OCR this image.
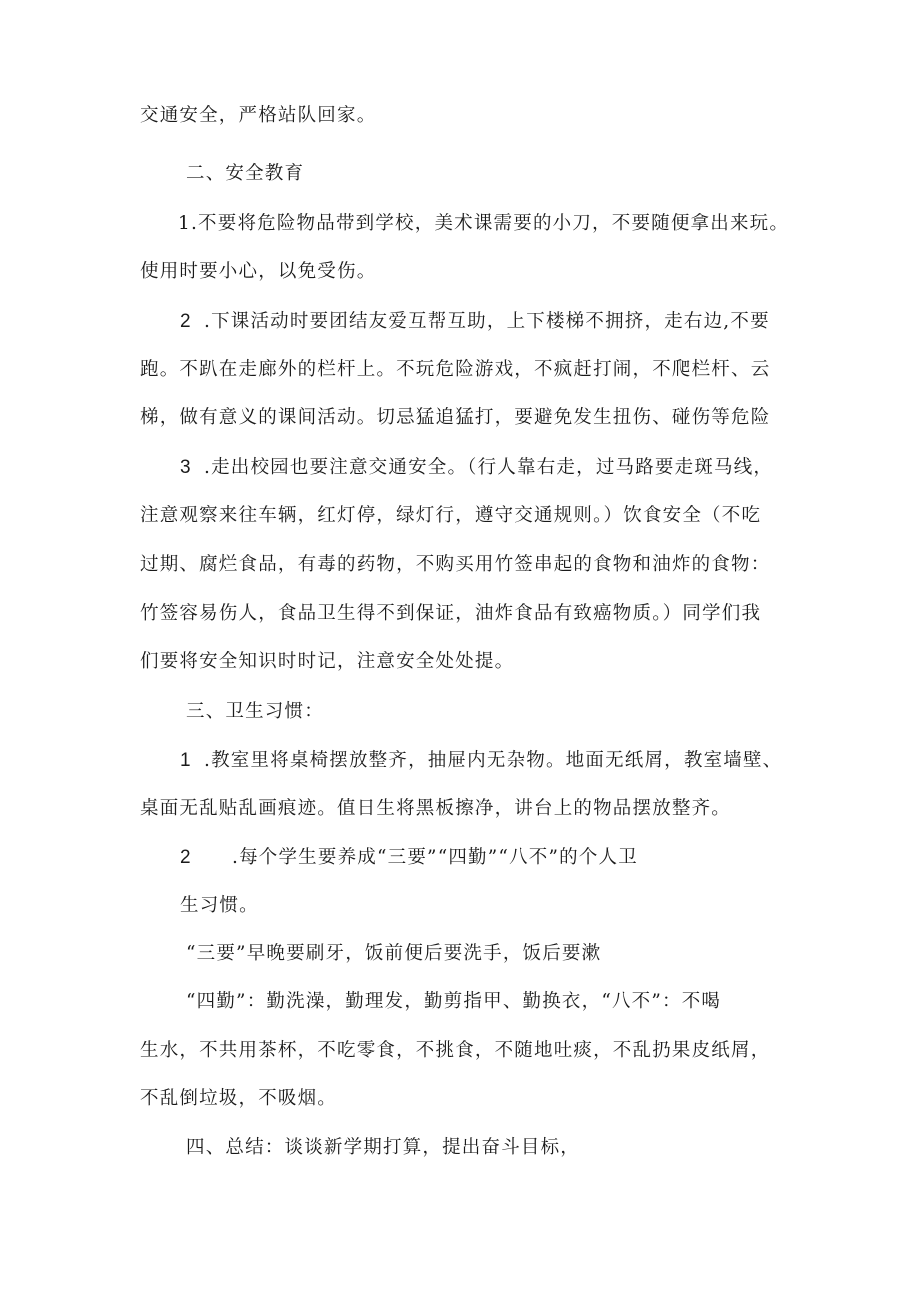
交通安全，严格站队回家。
二、安全教育
1.不要将危险物品带到学校，美术课需要的小刀，不要随便拿出来玩。
使用时要小心，以免受伤。
2 .下课活动时要团结友爱互帮互助，上下楼梯不拥挤，走右边,不要
跑。不趴在走廊外的栏杆上。不玩危险游戏，不疯赶打闹，不爬栏杆、云
梯，做有意义的课间活动。切忌猛追猛打，要避免发生扭伤、碰伤等危险
3 .走出校园也要注意交通安全。（行人靠右走，过马路要走斑马线，
注意观察来往车辆，红灯停，绿灯行，遵守交通规则。）饮食安全（不吃
过期、腐烂食品，有毒的药物，不购买用竹签串起的食物和油炸的食物：
竹签容易伤人，食品卫生得不到保证，油炸食品有致癌物质。）同学们我
们要将安全知识时时记，注意安全处处提。
三、卫生习惯：
1 .教室里将桌椅摆放整齐，抽屉内无杂物。地面无纸屑，教室墙壁、
桌面无乱贴乱画痕迹。值日生将黑板擦净，讲台上的物品摆放整齐。
2 .每个学生要养成“三要”“四勤”“八不”的个人卫
生习惯。
“三要”早晚要刷牙，饭前便后要洗手，饭后要漱
“四勤”：勤洗澡，勤理发，勤剪指甲、勤换衣，“八不”：不喝
生水，不共用茶杯，不吃零食，不挑食，不随地吐痰，不乱扔果皮纸屑，
不乱倒垃圾，不吸烟。
四、总结：谈谈新学期打算，提出奋斗目标，
